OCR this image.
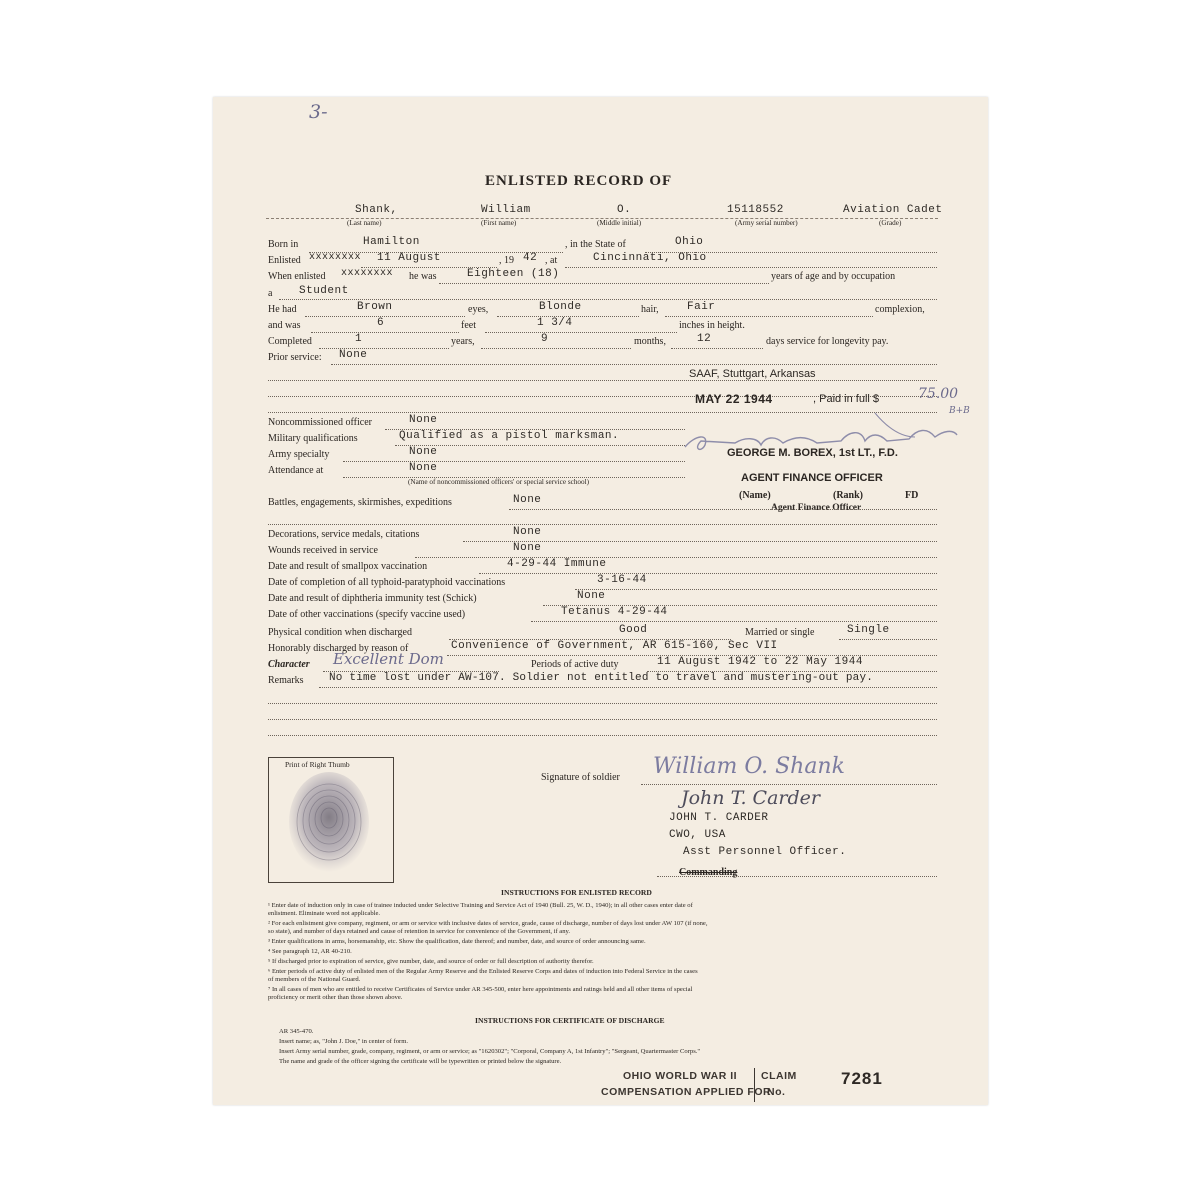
3-
ENLISTED RECORD OF
Shank,	William	O.	15118552	Aviation Cadet
(Last name)	(First name)	(Middle initial)	(Army serial number)	(Grade)
Born in	Hamilton	, in the State of	Ohio
Enlisted xxxxxxxx 11 August	, 19 42 , at	Cincinnati, Ohio
When enlisted xxxxxxxx he was	Eighteen (18)	years of age and by occupation
a Student
He had	Brown	eyes,	Blonde	hair,	Fair	complexion,
and was	6	feet	1 3/4	inches in height.
Completed	1	years,	9	months,	12	days service for longevity pay.
Prior service: None
SAAF, Stuttgart, Arkansas
MAY 22 1944	, Paid in full $	75.00
B+B
Noncommissioned officer	None
Military qualifications	Qualified as a pistol marksman.
Army specialty	None
Attendance at	None
(Name of noncommissioned officers' or special service school)
GEORGE M. BOREX, 1st LT., F.D.
AGENT FINANCE OFFICER
(Name)	(Rank)	FD
Agent Finance Officer
Battles, engagements, skirmishes, expeditions	None
Decorations, service medals, citations	None
Wounds received in service	None
Date and result of smallpox vaccination	4-29-44 Immune
Date of completion of all typhoid-paratyphoid vaccinations	3-16-44
Date and result of diphtheria immunity test (Schick)	None
Date of other vaccinations (specify vaccine used)	Tetanus 4-29-44
Physical condition when discharged	Good	Married or single	Single
Honorably discharged by reason of	Convenience of Government, AR 615-160, Sec VII
Character Excellent Dom	Periods of active duty	11 August 1942 to 22 May 1944
Remarks No time lost under AW-107. Soldier not entitled to travel and mustering-out pay.
Print of Right Thumb
Signature of soldier William O. Shank
John T. Carder
JOHN T. CARDER
CWO, USA
Asst Personnel Officer.
Commanding
INSTRUCTIONS FOR ENLISTED RECORD
¹ Enter date of induction only in case of trainee inducted under Selective Training and Service Act of 1940 (Bull. 25, W. D., 1940); in all other cases enter date of
enlistment. Eliminate word not applicable.
² For each enlistment give company, regiment, or arm or service with inclusive dates of service, grade, cause of discharge, number of days lost under AW 107 (if none,
so state), and number of days retained and cause of retention in service for convenience of the Government, if any.
³ Enter qualifications in arms, horsemanship, etc. Show the qualification, date thereof; and number, date, and source of order announcing same.
⁴ See paragraph 12, AR 40-210.
⁵ If discharged prior to expiration of service, give number, date, and source of order or full description of authority therefor.
⁶ Enter periods of active duty of enlisted men of the Regular Army Reserve and the Enlisted Reserve Corps and dates of induction into Federal Service in the cases
of members of the National Guard.
⁷ In all cases of men who are entitled to receive Certificates of Service under AR 345-500, enter here appointments and ratings held and all other items of special
proficiency or merit other than those shown above.
INSTRUCTIONS FOR CERTIFICATE OF DISCHARGE
AR 345-470.
Insert name; as, "John J. Doe," in center of form.
Insert Army serial number, grade, company, regiment, or arm or service; as "1620302"; "Corporal, Company A, 1st Infantry"; "Sergeant, Quartermaster Corps."
The name and grade of the officer signing the certificate will be typewritten or printed below the signature.
OHIO WORLD WAR II
COMPENSATION APPLIED FOR
CLAIM
No.
7281
